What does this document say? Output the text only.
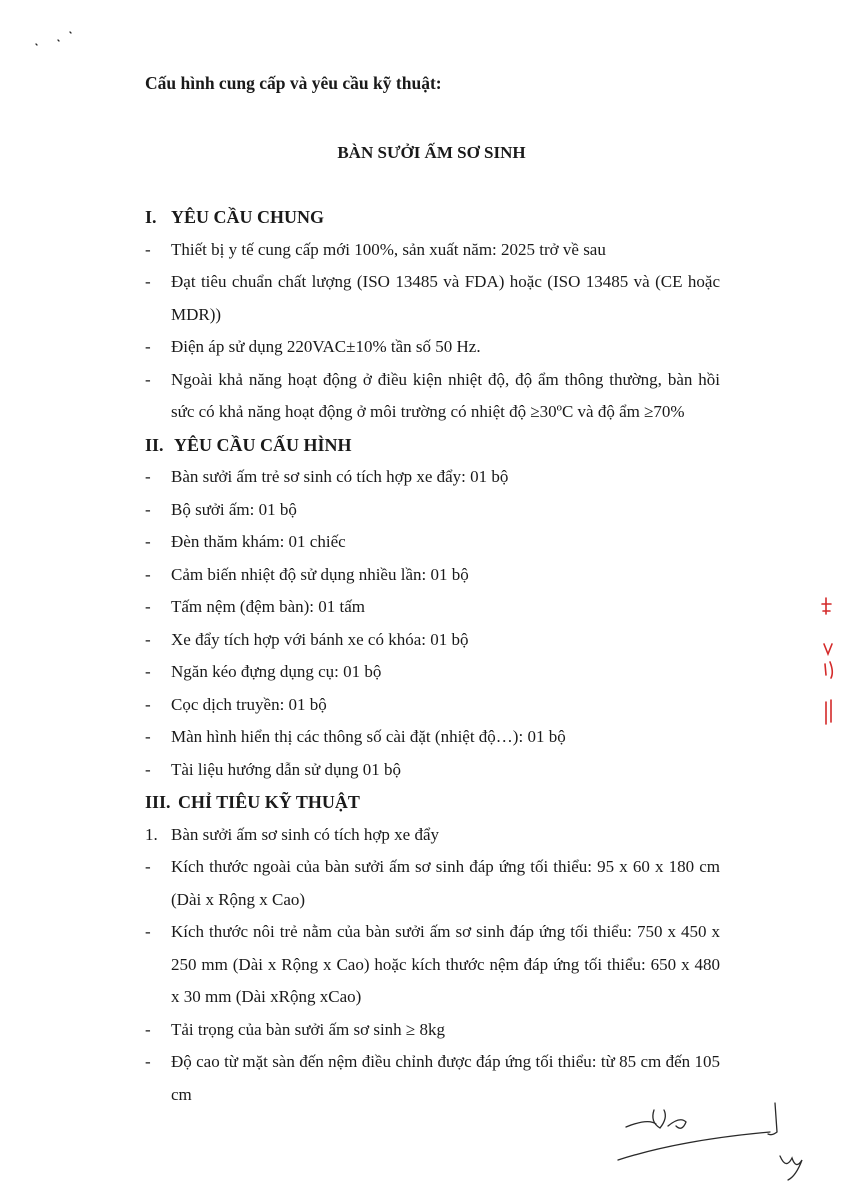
Cấu hình cung cấp và yêu cầu kỹ thuật:
BÀN SƯỞI ẤM SƠ SINH
I. YÊU CẦU CHUNG
-	Thiết bị y tế cung cấp mới 100%, sản xuất năm: 2025 trở về sau
-	Đạt tiêu chuẩn chất lượng (ISO 13485 và FDA) hoặc (ISO 13485 và (CE hoặc MDR))
-	Điện áp sử dụng 220VAC±10% tần số 50 Hz.
-	Ngoài khả năng hoạt động ở điều kiện nhiệt độ, độ ẩm thông thường, bàn hồi sức có khả năng hoạt động ở môi trường có nhiệt độ ≥30ºC và độ ẩm ≥70%
II. YÊU CẦU CẤU HÌNH
-	Bàn sưởi ấm trẻ sơ sinh có tích hợp xe đẩy: 01 bộ
-	Bộ sưởi ấm: 01 bộ
-	Đèn thăm khám: 01 chiếc
-	Cảm biến nhiệt độ sử dụng nhiều lần: 01 bộ
-	Tấm nệm (đệm bàn): 01 tấm
-	Xe đẩy tích hợp với bánh xe có khóa: 01 bộ
-	Ngăn kéo đựng dụng cụ: 01 bộ
-	Cọc dịch truyền: 01 bộ
-	Màn hình hiển thị các thông số cài đặt (nhiệt độ…): 01 bộ
-	Tài liệu hướng dẫn sử dụng 01 bộ
III. CHỈ TIÊU KỸ THUẬT
1. Bàn sưởi ấm sơ sinh có tích hợp xe đẩy
-	Kích thước ngoài của bàn sưởi ấm sơ sinh đáp ứng tối thiểu: 95 x 60 x 180 cm (Dài x Rộng x Cao)
-	Kích thước nôi trẻ nằm của bàn sưởi ấm sơ sinh đáp ứng tối thiểu: 750 x 450 x 250 mm (Dài x Rộng x Cao) hoặc kích thước nệm đáp ứng tối thiểu: 650 x 480 x 30 mm (Dài xRộng xCao)
-	Tải trọng của bàn sưởi ấm sơ sinh ≥ 8kg
-	Độ cao từ mặt sàn đến nệm điều chỉnh được đáp ứng tối thiểu: từ 85 cm đến 105 cm
